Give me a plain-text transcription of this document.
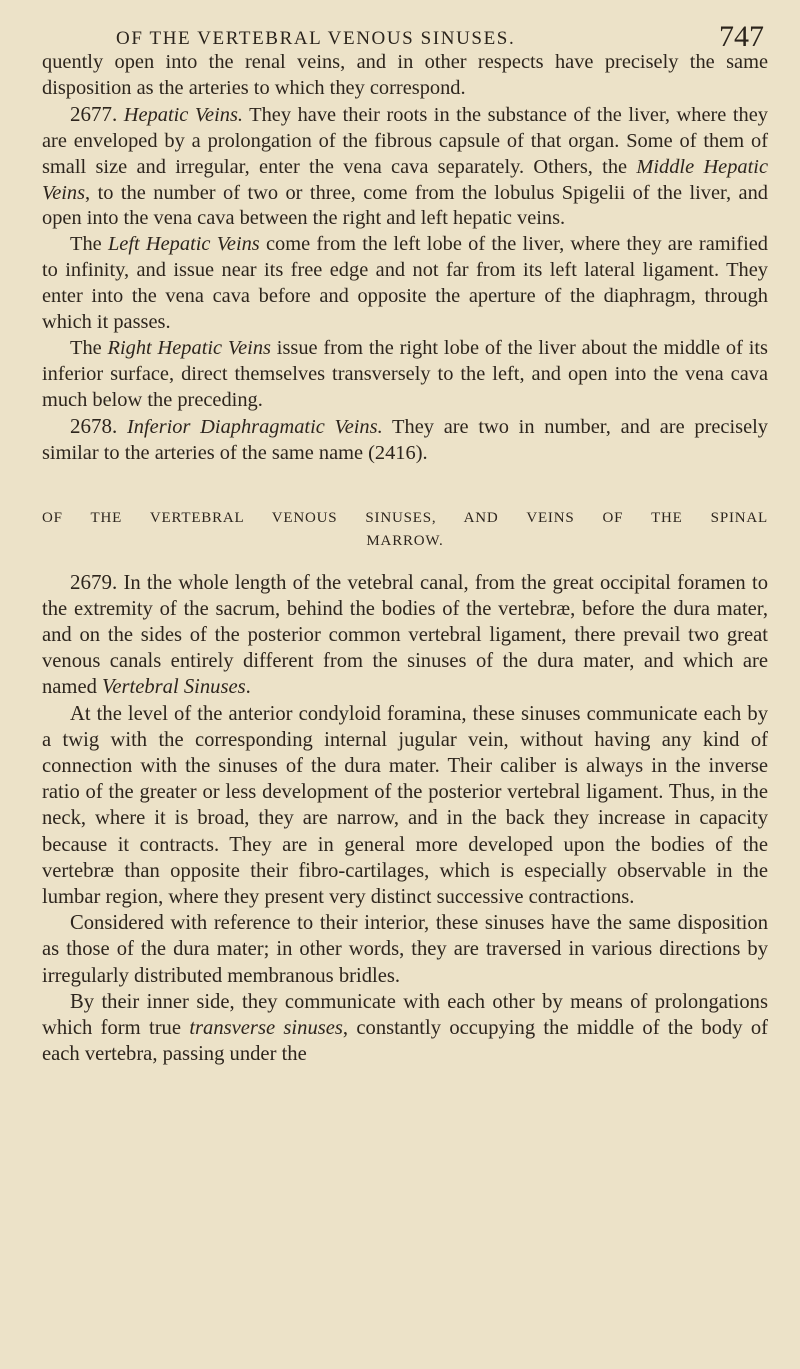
OF THE VERTEBRAL VENOUS SINUSES.	747

quently open into the renal veins, and in other respects have precisely the same disposition as the arteries to which they correspond.

2677. Hepatic Veins. They have their roots in the substance of the liver, where they are enveloped by a prolongation of the fibrous capsule of that organ. Some of them of small size and irregular, enter the vena cava separately. Others, the Middle Hepatic Veins, to the number of two or three, come from the lobulus Spigelii of the liver, and open into the vena cava between the right and left hepatic veins.

The Left Hepatic Veins come from the left lobe of the liver, where they are ramified to infinity, and issue near its free edge and not far from its left lateral ligament. They enter into the vena cava before and opposite the aperture of the diaphragm, through which it passes.

The Right Hepatic Veins issue from the right lobe of the liver about the middle of its inferior surface, direct themselves transversely to the left, and open into the vena cava much below the preceding.

2678. Inferior Diaphragmatic Veins. They are two in number, and are precisely similar to the arteries of the same name (2416).

OF THE VERTEBRAL VENOUS SINUSES, AND VEINS OF THE SPINAL
MARROW.

2679. In the whole length of the vetebral canal, from the great occipital foramen to the extremity of the sacrum, behind the bodies of the vertebræ, before the dura mater, and on the sides of the posterior common vertebral ligament, there prevail two great venous canals entirely different from the sinuses of the dura mater, and which are named Vertebral Sinuses.

At the level of the anterior condyloid foramina, these sinuses communicate each by a twig with the corresponding internal jugular vein, without having any kind of connection with the sinuses of the dura mater. Their caliber is always in the inverse ratio of the greater or less development of the posterior vertebral ligament. Thus, in the neck, where it is broad, they are narrow, and in the back they increase in capacity because it contracts. They are in general more developed upon the bodies of the vertebræ than opposite their fibro-cartilages, which is especially observable in the lumbar region, where they present very distinct successive contractions.

Considered with reference to their interior, these sinuses have the same disposition as those of the dura mater; in other words, they are traversed in various directions by irregularly distributed membranous bridles.

By their inner side, they communicate with each other by means of prolongations which form true transverse sinuses, constantly occupying the middle of the body of each vertebra, passing under the
